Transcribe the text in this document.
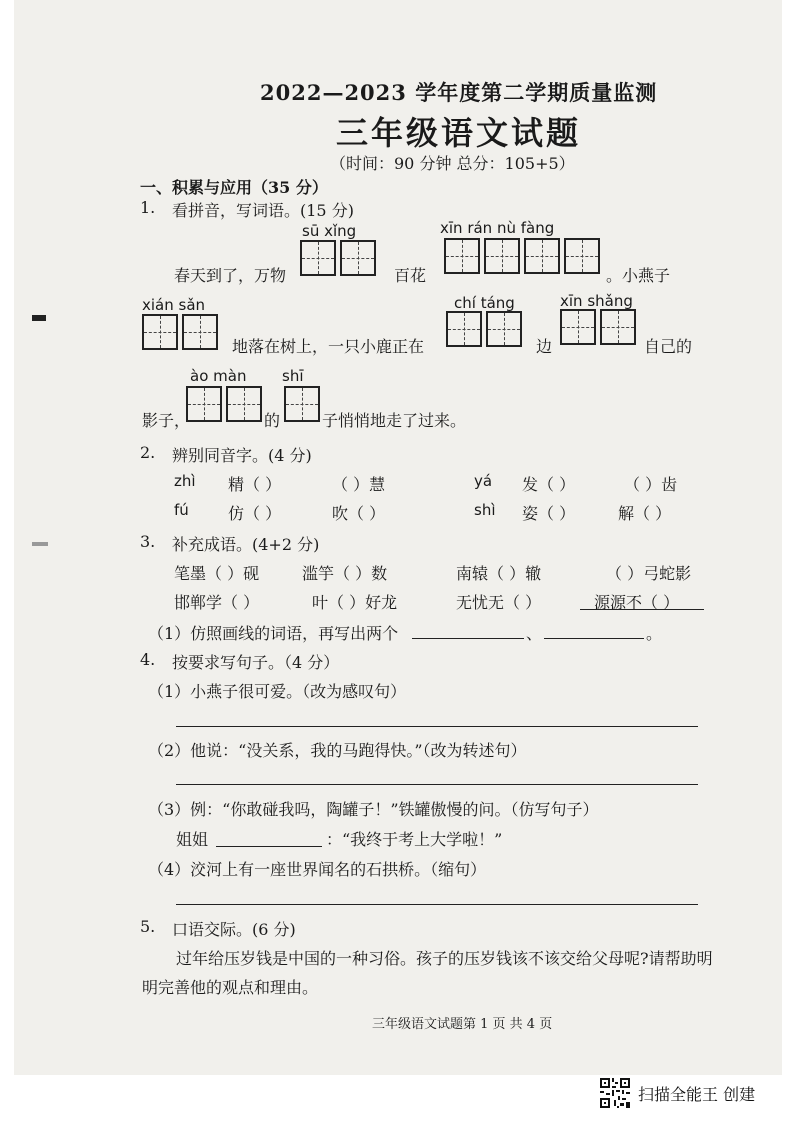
2022—2023 学年度第二学期质量监测
三年级语文试题
（时间：90 分钟 总分：105+5）
一、积累与应用（35 分）
1. 看拼音，写词语。(15 分)
sū xǐng	xīn rán nù fàng
春天到了，万物	百花	。小燕子
xián sǎn	chí táng	xīn shǎng
地落在树上，一只小鹿正在	边	自己的
ào màn shī
影子，	的	子悄悄地走了过来。
2. 辨别同音字。(4 分)
zhì 精（ ）	（ ）慧	yá 发（ ）	（ ）齿
fú 仿（ ）	吹（ ）	shì 姿（ ）	解（ ）
3. 补充成语。(4+2 分)
笔墨（ ）砚	滥竽（ ）数	南辕（ ）辙	（ ）弓蛇影
邯郸学（ ）	叶（ ）好龙	无忧无（ ）	源源不（ ）
（1）仿照画线的词语，再写出两个	、	。
4. 按要求写句子。（4 分）
（1）小燕子很可爱。（改为感叹句）
（2）他说：“没关系，我的马跑得快。”（改为转述句）
（3）例：“你敢碰我吗，陶罐子！”铁罐傲慢的问。（仿写句子）
姐姐	：“我终于考上大学啦！”
（4）洨河上有一座世界闻名的石拱桥。（缩句）
5. 口语交际。(6 分)
过年给压岁钱是中国的一种习俗。孩子的压岁钱该不该交给父母呢?请帮助明
明完善他的观点和理由。
三年级语文试题第 1 页 共 4 页
扫描全能王 创建
